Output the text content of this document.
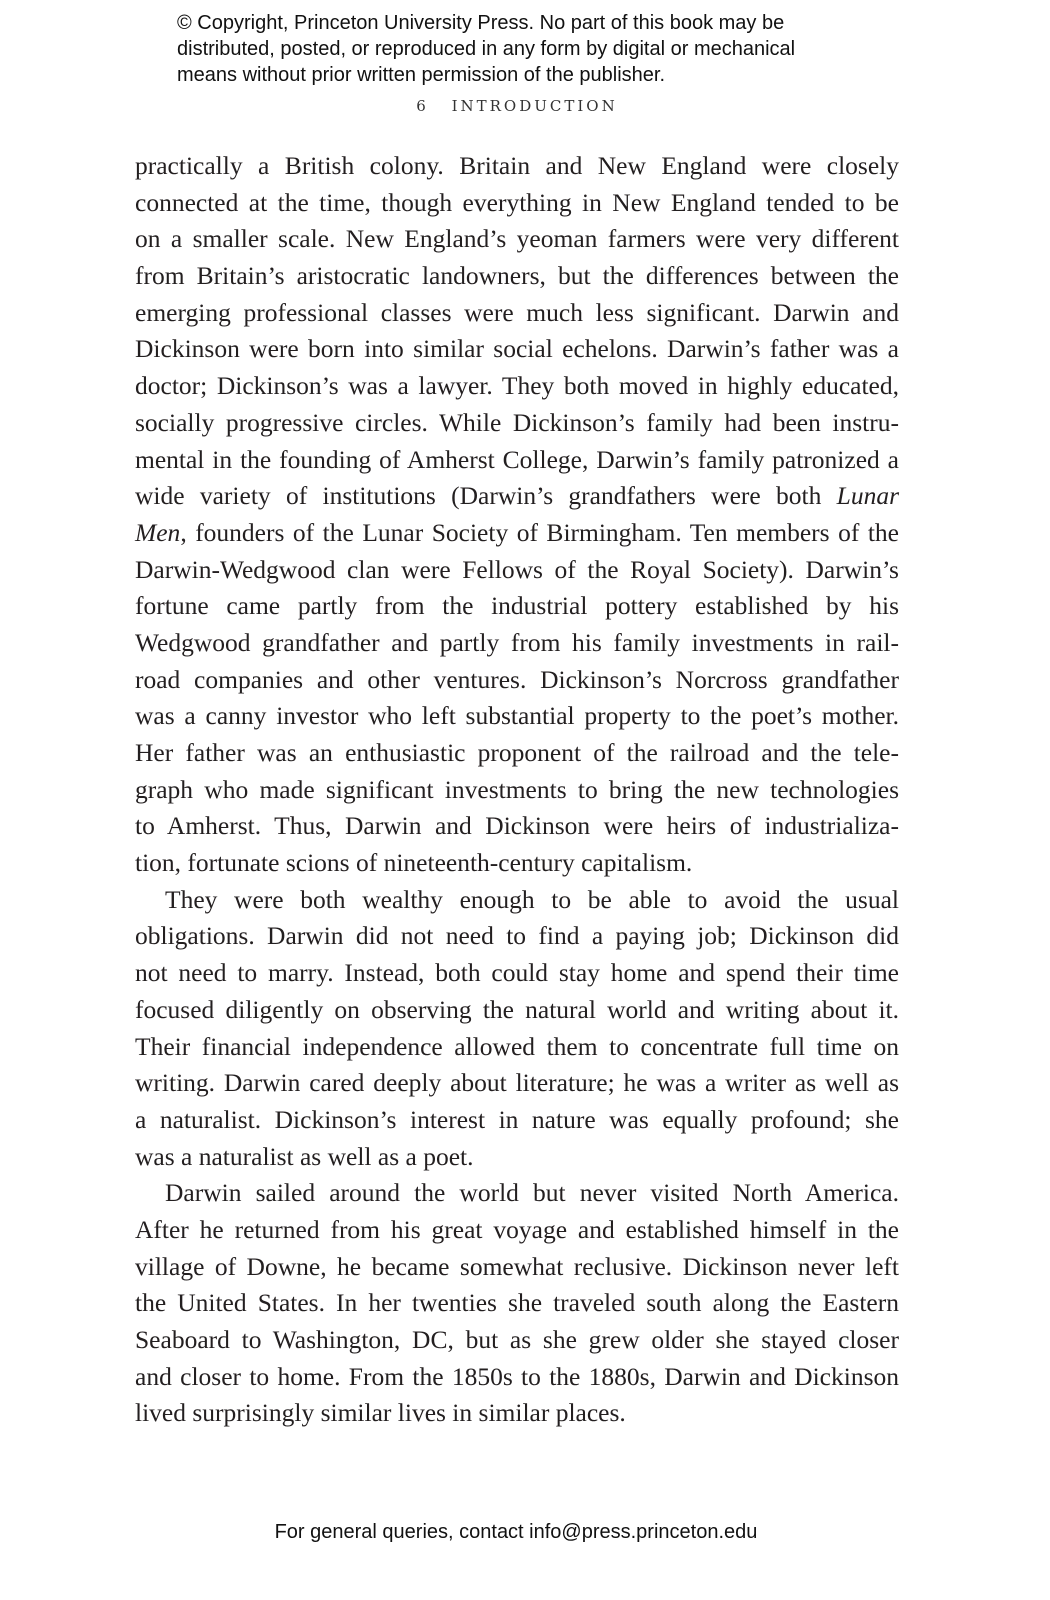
© Copyright, Princeton University Press. No part of this book may be
distributed, posted, or reproduced in any form by digital or mechanical
means without prior written permission of the publisher.
6 INTRODUCTION
practically a British colony. Britain and New England were closely
connected at the time, though everything in New England tended to be
on a smaller scale. New England’s yeoman farmers were very different
from Britain’s aristocratic landowners, but the differences between the
emerging professional classes were much less significant. Darwin and
Dickinson were born into similar social echelons. Darwin’s father was a
doctor; Dickinson’s was a lawyer. They both moved in highly educated,
socially progressive circles. While Dickinson’s family had been instru-
mental in the founding of Amherst College, Darwin’s family patronized a
wide variety of institutions (Darwin’s grandfathers were both Lunar
Men, founders of the Lunar Society of Birmingham. Ten members of the
Darwin-Wedgwood clan were Fellows of the Royal Society). Darwin’s
fortune came partly from the industrial pottery established by his
Wedgwood grandfather and partly from his family investments in rail-
road companies and other ventures. Dickinson’s Norcross grandfather
was a canny investor who left substantial property to the poet’s mother.
Her father was an enthusiastic proponent of the railroad and the tele-
graph who made significant investments to bring the new technologies
to Amherst. Thus, Darwin and Dickinson were heirs of industrializa-
tion, fortunate scions of nineteenth-century capitalism.
They were both wealthy enough to be able to avoid the usual
obligations. Darwin did not need to find a paying job; Dickinson did
not need to marry. Instead, both could stay home and spend their time
focused diligently on observing the natural world and writing about it.
Their financial independence allowed them to concentrate full time on
writing. Darwin cared deeply about literature; he was a writer as well as
a naturalist. Dickinson’s interest in nature was equally profound; she
was a naturalist as well as a poet.
Darwin sailed around the world but never visited North America.
After he returned from his great voyage and established himself in the
village of Downe, he became somewhat reclusive. Dickinson never left
the United States. In her twenties she traveled south along the Eastern
Seaboard to Washington, DC, but as she grew older she stayed closer
and closer to home. From the 1850s to the 1880s, Darwin and Dickinson
lived surprisingly similar lives in similar places.
For general queries, contact info@press.princeton.edu
